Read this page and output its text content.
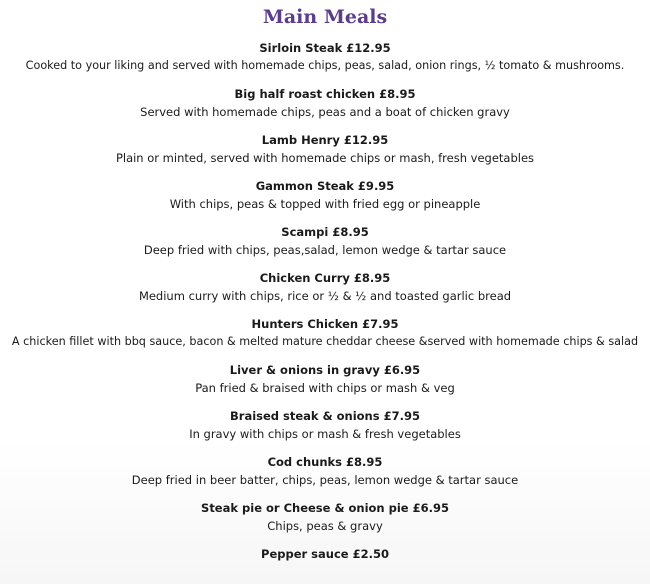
Main Meals
Sirloin Steak £12.95
Cooked to your liking and served with homemade chips, peas, salad, onion rings, ½ tomato & mushrooms.
Big half roast chicken £8.95
Served with homemade chips, peas and a boat of chicken gravy
Lamb Henry £12.95
Plain or minted, served with homemade chips or mash, fresh vegetables
Gammon Steak £9.95
With chips, peas & topped with fried egg or pineapple
Scampi £8.95
Deep fried with chips, peas,salad, lemon wedge & tartar sauce
Chicken Curry £8.95
Medium curry with chips, rice or ½ & ½ and toasted garlic bread
Hunters Chicken £7.95
A chicken fillet with bbq sauce, bacon & melted mature cheddar cheese &served with homemade chips & salad
Liver & onions in gravy £6.95
Pan fried & braised with chips or mash & veg
Braised steak & onions £7.95
In gravy with chips or mash & fresh vegetables
Cod chunks £8.95
Deep fried in beer batter, chips, peas, lemon wedge & tartar sauce
Steak pie or Cheese & onion pie £6.95
Chips, peas & gravy
Pepper sauce £2.50
